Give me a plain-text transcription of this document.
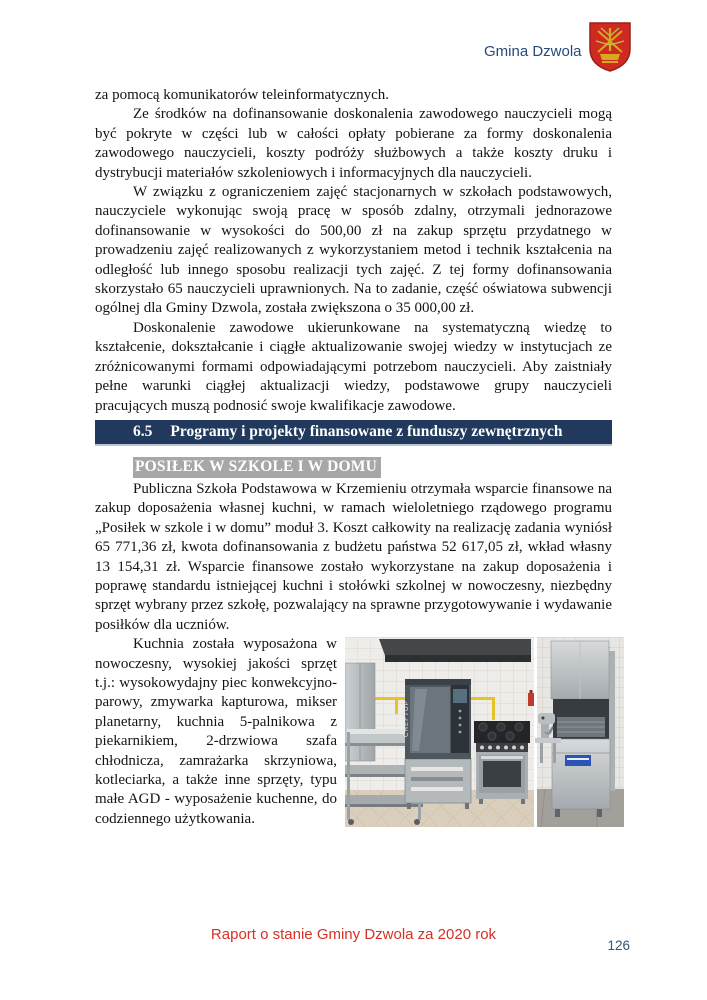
Gmina Dzwola

za pomocą komunikatorów teleinformatycznych.

Ze środków na dofinansowanie doskonalenia zawodowego nauczycieli mogą być pokryte w części lub w całości opłaty pobierane za formy doskonalenia zawodowego nauczycieli, koszty podróży służbowych a także koszty druku i dystrybucji materiałów szkoleniowych i informacyjnych dla nauczycieli.

W związku z ograniczeniem zajęć stacjonarnych w szkołach podstawowych, nauczyciele wykonując swoją pracę w sposób zdalny, otrzymali jednorazowe dofinansowanie w wysokości do 500,00 zł na zakup sprzętu przydatnego w prowadzeniu zajęć realizowanych z wykorzystaniem metod i technik kształcenia na odległość lub innego sposobu realizacji tych zajęć. Z tej formy dofinansowania skorzystało 65 nauczycieli uprawnionych. Na to zadanie, część oświatowa subwencji ogólnej dla Gminy Dzwola, została zwiększona o 35 000,00 zł.

Doskonalenie zawodowe ukierunkowane na systematyczną wiedzę to kształcenie, dokształcanie i ciągłe aktualizowanie swojej wiedzy w instytucjach ze zróżnicowanymi formami odpowiadającymi potrzebom nauczycieli. Aby zaistniały pełne warunki ciągłej aktualizacji wiedzy, podstawowe grupy nauczycieli pracujących muszą podnosić swoje kwalifikacje zawodowe.

6.5 Programy i projekty finansowane z funduszy zewnętrznych
POSIŁEK W SZKOLE I W DOMU

Publiczna Szkoła Podstawowa w Krzemieniu otrzymała wsparcie finansowe na zakup doposażenia własnej kuchni, w ramach wieloletniego rządowego programu „Posiłek w szkole i w domu” moduł 3. Koszt całkowity na realizację zadania wyniósł 65 771,36 zł, kwota dofinansowania z budżetu państwa 52 617,05 zł, wkład własny 13 154,31 zł. Wsparcie finansowe zostało wykorzystane na zakup doposażenia i poprawę standardu istniejącej kuchni i stołówki szkolnej w nowoczesny, niezbędny sprzęt wybrany przez szkołę, pozwalający na sprawne przygotowywanie i wydawanie posiłków dla uczniów.

CHEFTOP

Kuchnia została wyposażona w nowoczesny, wysokiej jakości sprzęt t.j.: wysokowydajny piec konwekcyjno-parowy, zmywarka kapturowa, mikser planetarny, kuchnia 5-palnikowa z piekarnikiem, 2-drzwiowa szafa chłodnicza, zamrażarka skrzyniowa, kotleciarka, a także inne sprzęty, typu małe AGD - wyposażenie kuchenne, do codziennego użytkowania.

Raport o stanie Gminy Dzwola za 2020 rok
126
